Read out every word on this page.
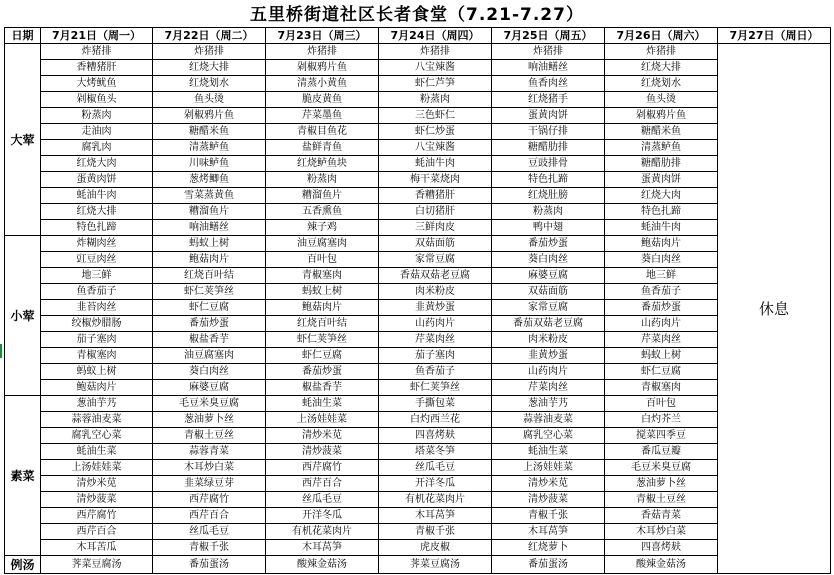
五里桥街道社区长者食堂（7.21-7.27）
日期	7月21日（周一）	7月22日（周二）	7月23日（周三）	7月24日（周四）	7月25日（周五）	7月26日（周六）	7月27日（周日）
大荤	炸猪排	炸猪排	炸猪排	炸猪排	炸猪排	炸猪排	休息
	香糟猪肝	红烧大排	剁椒鸦片鱼	八宝辣酱	响油鳝丝	红烧大排	
	大烤鱿鱼	红烧划水	清蒸小黄鱼	虾仁芦笋	鱼香肉丝	红烧划水	
	剁椒鱼头	鱼头烫	脆皮黄鱼	粉蒸肉	红烧猪手	鱼头烫	
	粉蒸肉	剁椒鸦片鱼	芹菜墨鱼	三色虾仁	蛋黄肉饼	剁椒鸦片鱼	
	走油肉	糖醋米鱼	青椒目鱼花	虾仁炒蛋	干锅仔排	糖醋米鱼	
	腐乳肉	清蒸鲈鱼	盐鲜青鱼	八宝辣酱	糖醋肋排	清蒸鲈鱼	
	红烧大肉	川味鲈鱼	红烧鲈鱼块	蚝油牛肉	豆豉排骨	糖醋肋排	
	蛋黄肉饼	葱烤鲫鱼	粉蒸肉	梅干菜烧肉	特色扎蹄	蛋黄肉饼	
	蚝油牛肉	雪菜蒸黄鱼	糟溜鱼片	香糟猪肝	红烧肚膀	红烧大肉	
	红烧大排	糟溜鱼片	五香熏鱼	白切猪肝	粉蒸肉	特色扎蹄	
	特色扎蹄	响油鳝丝	辣子鸡	三鲜肉皮	鸭中翅	蚝油牛肉	
小荤	炸糊肉丝	蚂蚁上树	油豆腐塞肉	双菇面筋	番茄炒蛋	鲍菇肉片	
	豇豆肉丝	鲍菇肉片	百叶包	家常豆腐	葵白肉丝	葵白肉丝	
	地三鲜	红烧百叶结	青椒塞肉	香菇双菇老豆腐	麻婆豆腐	地三鲜	
	鱼香茄子	虾仁荚笋丝	蚂蚁上树	肉米粉皮	双菇面筋	鱼香茄子	
	韭苔肉丝	虾仁豆腐	鲍菇肉片	韭黄炒蛋	家常豆腐	番茄炒蛋	
	绞椒炒腊肠	番茄炒蛋	红烧百叶结	山药肉片	番茄双菇老豆腐	山药肉片	
	茄子塞肉	椒盐香芋	虾仁荚笋丝	芹菜肉丝	肉米粉皮	芹菜肉丝	
	青椒塞肉	油豆腐塞肉	虾仁豆腐	茄子塞肉	韭黄炒蛋	蚂蚁上树	
	蚂蚁上树	葵白肉丝	番茄炒蛋	鱼香茄子	山药肉片	虾仁豆腐	
	鲍菇肉片	麻婆豆腐	椒盐香芋	虾仁荚笋丝	芹菜肉丝	青椒塞肉	
素菜	葱油芋艿	毛豆米臭豆腐	蚝油生菜	手撕包菜	葱油芋艿	百叶包	
	蒜蓉油麦菜	葱油萝卜丝	上汤娃娃菜	白灼西兰花	蒜蓉油麦菜	白灼芥兰	
	腐乳空心菜	青椒土豆丝	清炒米苋	四喜烤麸	腐乳空心菜	搅菜四季豆	
	蚝油生菜	蒜蓉青菜	清炒菠菜	塔菜冬笋	蚝油生菜	番瓜豆瓣	
	上汤娃娃菜	木耳炒白菜	西芹腐竹	丝瓜毛豆	上汤娃娃菜	毛豆米臭豆腐	
	清炒米苋	韭菜绿豆芽	西芹百合	开洋冬瓜	清炒米苋	葱油萝卜丝	
	清炒菠菜	西芹腐竹	丝瓜毛豆	有机花菜肉片	清炒菠菜	青椒土豆丝	
	西芹腐竹	西芹百合	开洋冬瓜	木耳莴笋	青椒千张	香菇青菜	
	西芹百合	丝瓜毛豆	有机花菜肉片	青椒千张	木耳莴笋	木耳炒白菜	
	木耳苦瓜	青椒千张	木耳莴笋	虎皮椒	红烧萝卜	四喜烤麸	
例汤	荠菜豆腐汤	番茄蛋汤	酸辣金菇汤	荠菜豆腐汤	番茄蛋汤	酸辣金菇汤	
